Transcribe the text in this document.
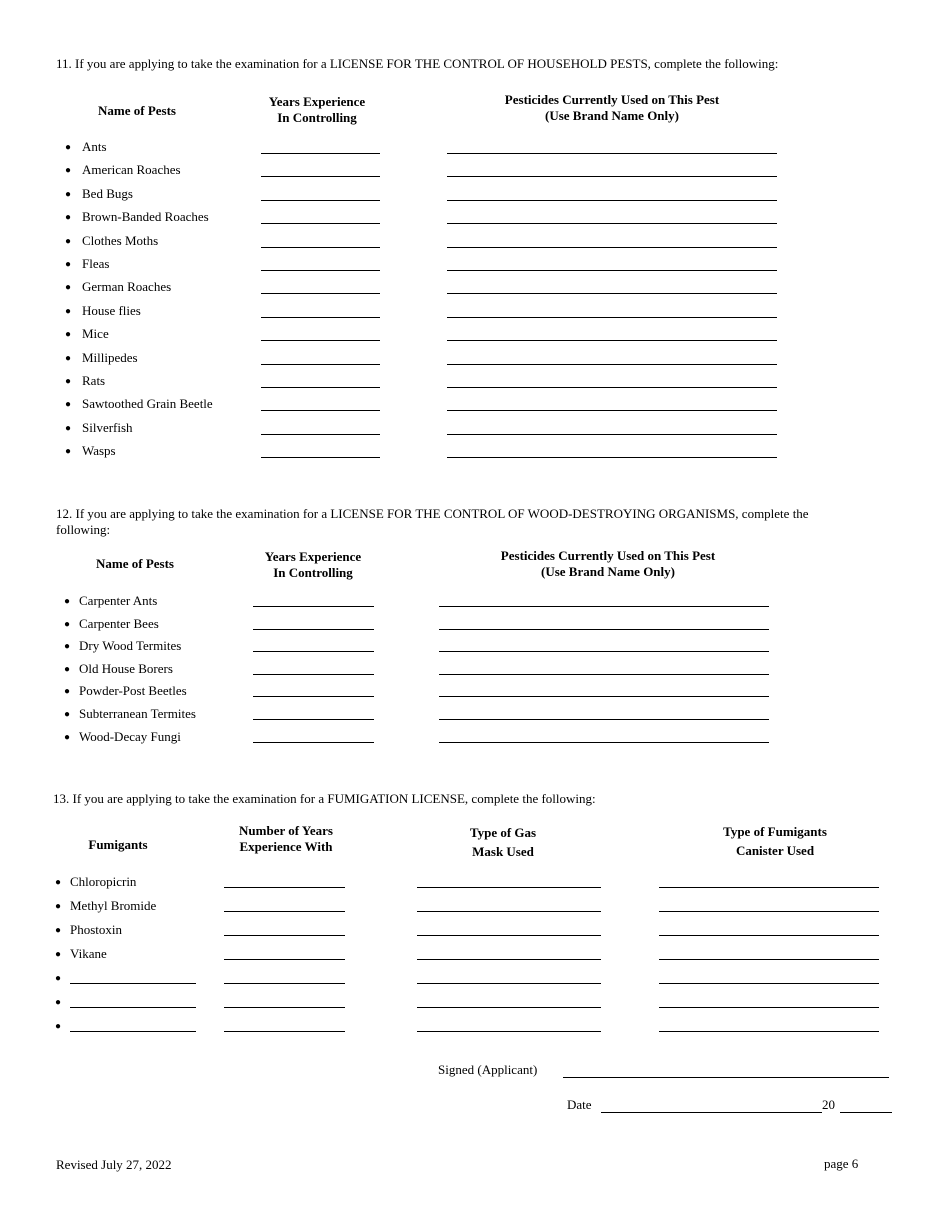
11. If you are applying to take the examination for a LICENSE FOR THE CONTROL OF HOUSEHOLD PESTS, complete the following:
Name of Pests
Years Experience
In Controlling
Pesticides Currently Used on This Pest
(Use Brand Name Only)
● Ants
● American Roaches
● Bed Bugs
● Brown-Banded Roaches
● Clothes Moths
● Fleas
● German Roaches
● House flies
● Mice
● Millipedes
● Rats
● Sawtoothed Grain Beetle
● Silverfish
● Wasps
12. If you are applying to take the examination for a LICENSE FOR THE CONTROL OF WOOD-DESTROYING ORGANISMS, complete the
following:
Name of Pests	Years Experience
In Controlling
Pesticides Currently Used on This Pest
(Use Brand Name Only)
● Carpenter Ants
● Carpenter Bees
● Dry Wood Termites
● Old House Borers
● Powder-Post Beetles
● Subterranean Termites
● Wood-Decay Fungi
13. If you are applying to take the examination for a FUMIGATION LICENSE, complete the following:
Fumigants
Number of Years
Experience With
Type of Gas
Mask Used
Type of Fumigants
Canister Used
● Chloropicrin
● Methyl Bromide
● Phostoxin
● Vikane
●
●
●
Signed (Applicant)
Date	20
Revised July 27, 2022	page 6
